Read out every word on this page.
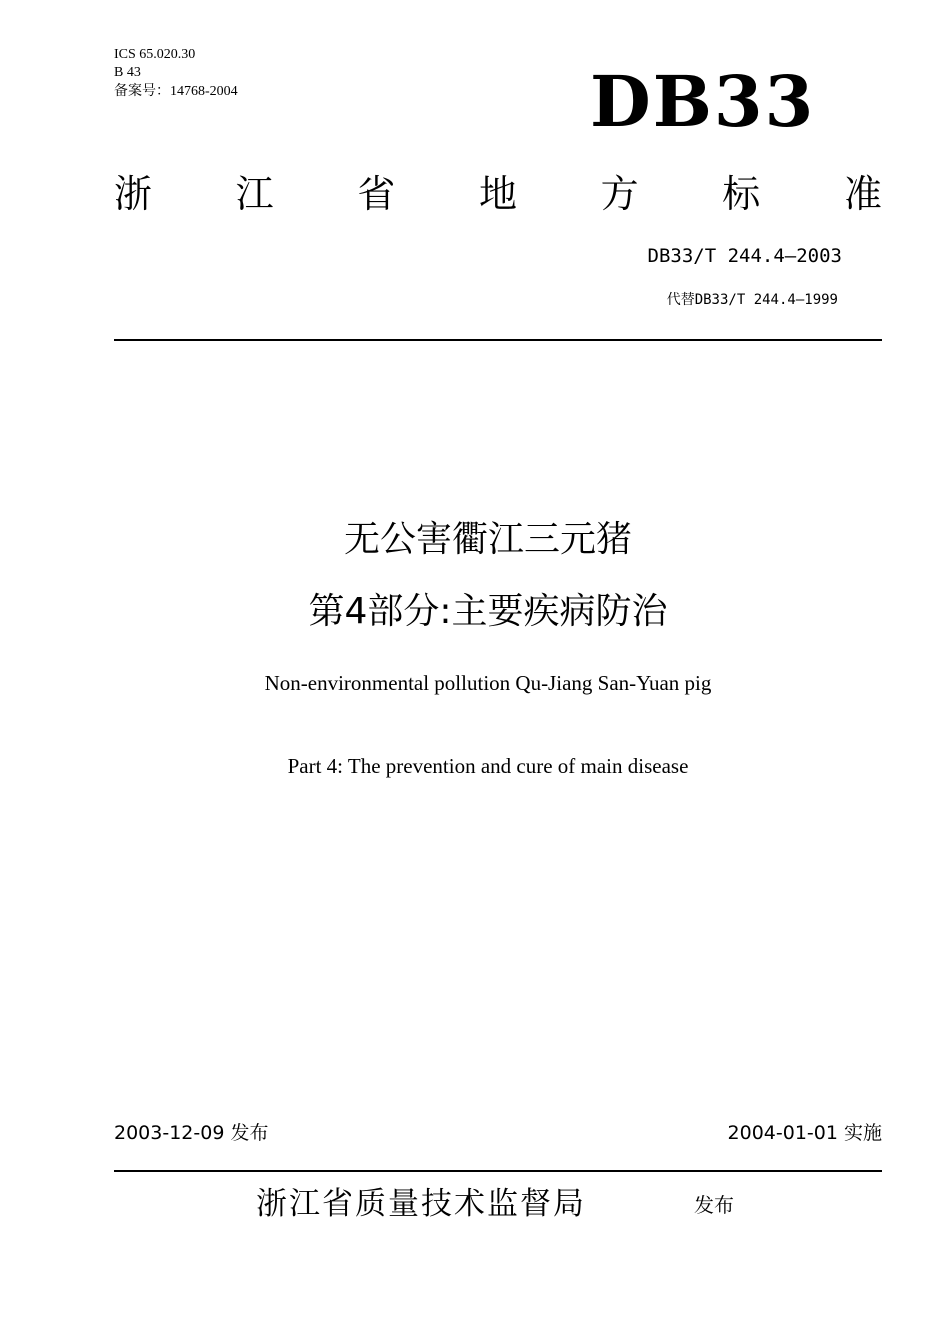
ICS 65.020.30
B 43
备案号：14768-2004	DB33
浙 江 省 地 方 标 准
DB33/T 244.4—2003
代替DB33/T 244.4—1999
无公害衢江三元猪
第4部分:主要疾病防治
Non-environmental pollution Qu-Jiang San-Yuan pig
Part 4: The prevention and cure of main disease
2003-12-09 发布	2004-01-01 实施
浙江省质量技术监督局	发布
